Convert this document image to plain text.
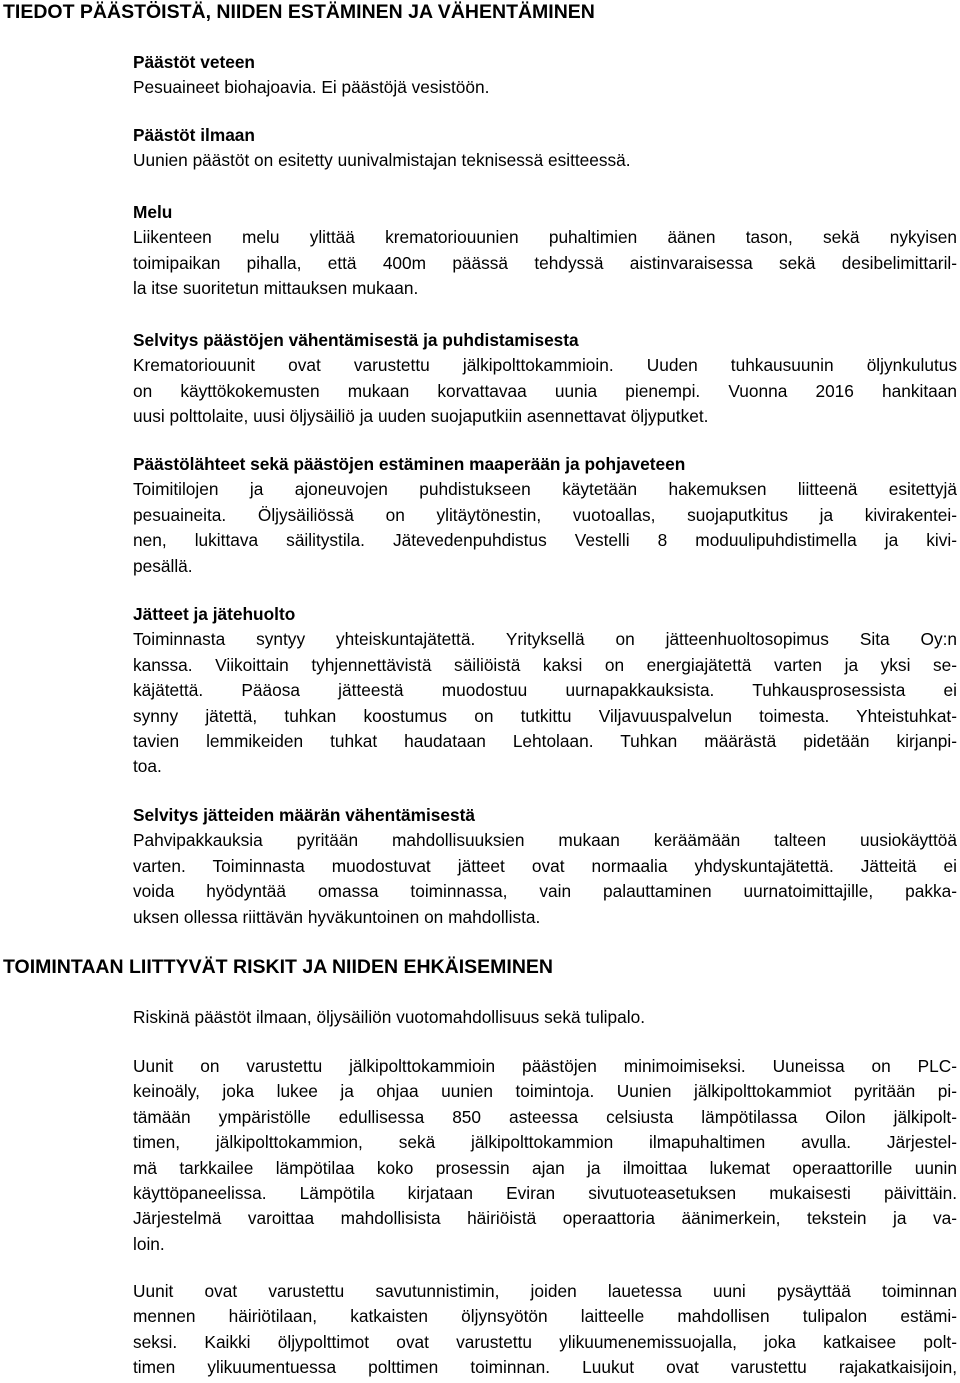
TIEDOT PÄÄSTÖISTÄ, NIIDEN ESTÄMINEN JA VÄHENTÄMINEN
Päästöt veteen
Pesuaineet biohajoavia. Ei päästöjä vesistöön.
Päästöt ilmaan
Uunien päästöt on esitetty uunivalmistajan teknisessä esitteessä.
Melu
Liikenteen melu ylittää krematoriouunien puhaltimien äänen tason, sekä nykyisen
toimipaikan pihalla, että 400m päässä tehdyssä aistinvaraisessa sekä desibelimittaril-
la itse suoritetun mittauksen mukaan.
Selvitys päästöjen vähentämisestä ja puhdistamisesta
Krematoriouunit ovat varustettu jälkipolttokammioin. Uuden tuhkausuunin öljynkulutus
on käyttökokemusten mukaan korvattavaa uunia pienempi. Vuonna 2016 hankitaan
uusi polttolaite, uusi öljysäiliö ja uuden suojaputkiin asennettavat öljyputket.
Päästölähteet sekä päästöjen estäminen maaperään ja pohjaveteen
Toimitilojen ja ajoneuvojen puhdistukseen käytetään hakemuksen liitteenä esitettyjä
pesuaineita. Öljysäiliössä on ylitäytönestin, vuotoallas, suojaputkitus ja kivirakentei-
nen, lukittava säilitystila. Jätevedenpuhdistus Vestelli 8 moduulipuhdistimella ja kivi-
pesällä.
Jätteet ja jätehuolto
Toiminnasta syntyy yhteiskuntajätettä. Yrityksellä on jätteenhuoltosopimus Sita Oy:n
kanssa. Viikoittain tyhjennettävistä säiliöistä kaksi on energiajätettä varten ja yksi se-
käjätettä. Pääosa jätteestä muodostuu uurnapakkauksista. Tuhkausprosessista ei
synny jätettä, tuhkan koostumus on tutkittu Viljavuuspalvelun toimesta. Yhteistuhkat-
tavien lemmikeiden tuhkat haudataan Lehtolaan. Tuhkan määrästä pidetään kirjanpi-
toa.
Selvitys jätteiden määrän vähentämisestä
Pahvipakkauksia pyritään mahdollisuuksien mukaan keräämään talteen uusiokäyttöä
varten. Toiminnasta muodostuvat jätteet ovat normaalia yhdyskuntajätettä. Jätteitä ei
voida hyödyntää omassa toiminnassa, vain palauttaminen uurnatoimittajille, pakka-
uksen ollessa riittävän hyväkuntoinen on mahdollista.
TOIMINTAAN LIITTYVÄT RISKIT JA NIIDEN EHKÄISEMINEN
Riskinä päästöt ilmaan, öljysäiliön vuotomahdollisuus sekä tulipalo.
Uunit on varustettu jälkipolttokammioin päästöjen minimoimiseksi. Uuneissa on PLC-
keinoäly, joka lukee ja ohjaa uunien toimintoja. Uunien jälkipolttokammiot pyritään pi-
tämään ympäristölle edullisessa 850 asteessa celsiusta lämpötilassa Oilon jälkipolt-
timen, jälkipolttokammion, sekä jälkipolttokammion ilmapuhaltimen avulla. Järjestel-
mä tarkkailee lämpötilaa koko prosessin ajan ja ilmoittaa lukemat operaattorille uunin
käyttöpaneelissa. Lämpötila kirjataan Eviran sivutuoteasetuksen mukaisesti päivittäin.
Järjestelmä varoittaa mahdollisista häiriöistä operaattoria äänimerkein, tekstein ja va-
loin.
Uunit ovat varustettu savutunnistimin, joiden lauetessa uuni pysäyttää toiminnan
mennen häiriötilaan, katkaisten öljynsyötön laitteelle mahdollisen tulipalon estämi-
seksi. Kaikki öljypolttimot ovat varustettu ylikuumenemissuojalla, joka katkaisee polt-
timen ylikuumentuessa polttimen toiminnan. Luukut ovat varustettu rajakatkaisijoin,
